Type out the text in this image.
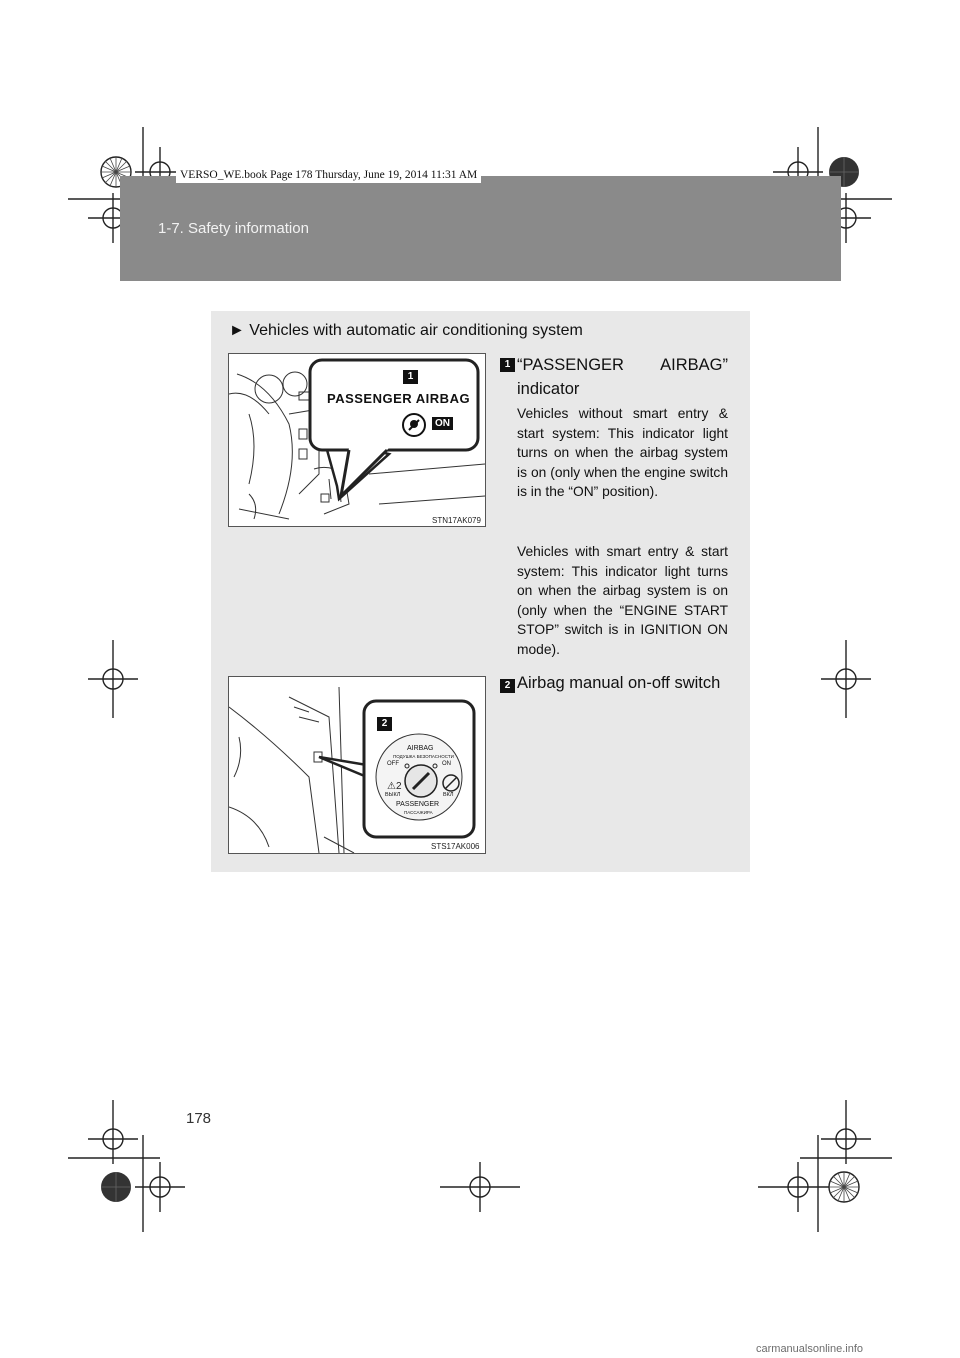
1-7. Safety information
VERSO_WE.book Page 178 Thursday, June 19, 2014 11:31 AM
► Vehicles with automatic air conditioning system
1 “PASSENGER AIRBAG”
indicator
Vehicles without smart entry & start system: This indicator light turns on when the airbag system is on (only when the engine switch is in the “ON” position).
Vehicles with smart entry & start system: This indicator light turns on when the airbag system is on (only when the “ENGINE START STOP” switch is in IGNITION ON mode).
2 Airbag manual on-off switch
1
PASSENGER AIRBAG
ON
STN17AK079
⚠2
2
AIRBAG
ПОДУШКА БЕЗОПАСНОСТИ
OFF	ON
ВЫКЛ	ВКЛ
PASSENGER
ПАССАЖИРА
STS17AK006
178
carmanualsonline.info
